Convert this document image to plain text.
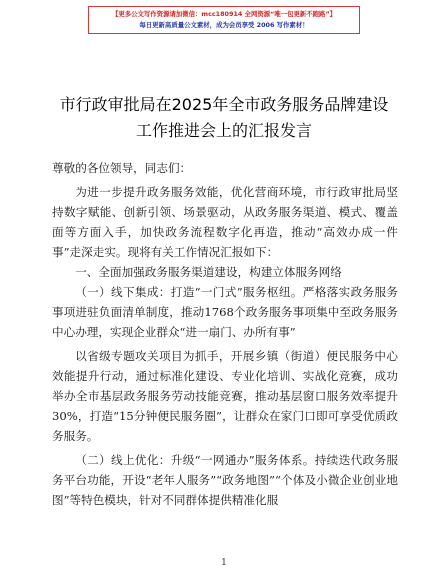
【更多公文写作资源请加微信：mcc180914 全网资源“唯一包更新不跑路”】
每日更新高质量公文素材，成为会员享受 2006 写作素材！
市行政审批局在2025年全市政务服务品牌建设
工作推进会上的汇报发言

尊敬的各位领导，同志们：

为进一步提升政务服务效能，优化营商环境，市行政审批局坚持数字赋能、创新引领、场景驱动，从政务服务渠道、模式、覆盖面等方面入手，加快政务流程数字化再造，推动“高效办成一件事”走深走实。现将有关工作情况汇报如下：

一、全面加强政务服务渠道建设，构建立体服务网络

（一）线下集成：打造“一门式”服务枢纽。严格落实政务服务事项进驻负面清单制度，推动1768个政务服务事项集中至政务服务中心办理，实现企业群众“进一扇门、办所有事”

以省级专题攻关项目为抓手，开展乡镇（街道）便民服务中心效能提升行动，通过标准化建设、专业化培训、实战化竞赛，成功举办全市基层政务服务劳动技能竞赛，推动基层窗口服务效率提升30%，打造“15分钟便民服务圈”，让群众在家门口即可享受优质政务服务。

（二）线上优化：升级“一网通办”服务体系。持续迭代政务服务平台功能，开设“老年人服务”“政务地图”“个体及小微企业创业地图”等特色模块，针对不同群体提供精准化服

1
